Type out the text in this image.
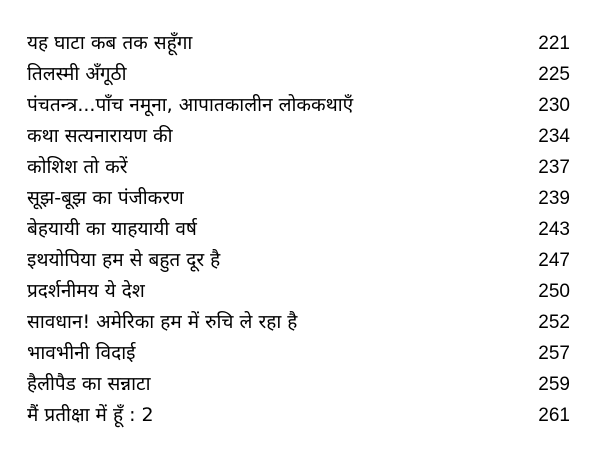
यह घाटा कब तक सहूँगा	221
तिलस्मी अँगूठी	225
पंचतन्त्र...पाँच नमूना, आपातकालीन लोककथाएँ	230
कथा सत्यनारायण की	234
कोशिश तो करें	237
सूझ-बूझ का पंजीकरण	239
बेहयायी का याहयायी वर्ष	243
इथयोपिया हम से बहुत दूर है	247
प्रदर्शनीमय ये देश	250
सावधान! अमेरिका हम में रुचि ले रहा है	252
भावभीनी विदाई	257
हैलीपैड का सन्नाटा	259
मैं प्रतीक्षा में हूँ : 2	261
